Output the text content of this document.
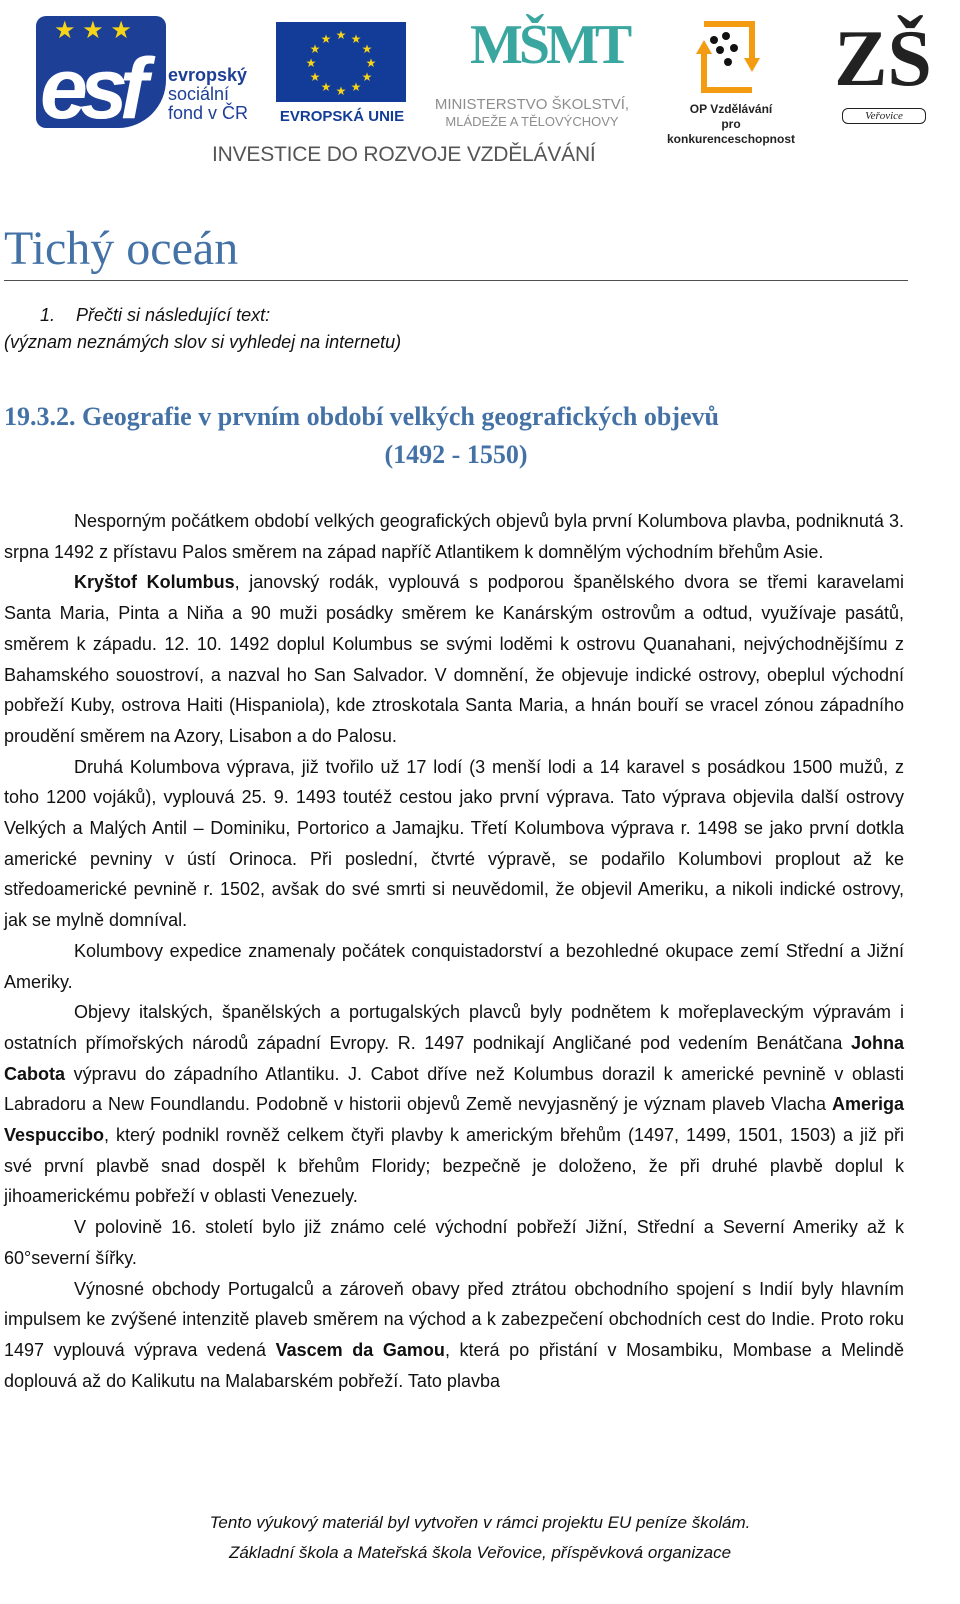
★ ★ ★
esf evropský
sociální
fond v ČR
★ ★
★
★
★
★
★
★
★
★
★
★
EVROPSKÁ UNIE
MŠMT
MINISTERSTVO ŠKOLSTVÍ,
MLÁDEŽE A TĚLOVÝCHOVY
OP Vzdělávání
pro konkurenceschopnost
ZŠ
Veřovice
INVESTICE DO ROZVOJE VZDĚLÁVÁNÍ
Tichý oceán
1. Přečti si následující text:
(význam neznámých slov si vyhledej na internetu)
19.3.2. Geografie v prvním období velkých geografických objevů
(1492 - 1550)

Nesporným počátkem období velkých geografických objevů byla první Kolumbova plavba, podniknutá 3. srpna 1492 z přístavu Palos směrem na západ napříč Atlantikem k domnělým východním břehům Asie.

Kryštof Kolumbus, janovský rodák, vyplouvá s podporou španělského dvora se třemi karavelami Santa Maria, Pinta a Niňa a 90 muži posádky směrem ke Kanárským ostrovům a odtud, využívaje pasátů, směrem k západu. 12. 10. 1492 doplul Kolumbus se svými loděmi k ostrovu Quanahani, nejvýchodnějšímu z Bahamského souostroví, a nazval ho San Salvador. V domnění, že objevuje indické ostrovy, obeplul východní pobřeží Kuby, ostrova Haiti (Hispaniola), kde ztroskotala Santa Maria, a hnán bouří se vracel zónou západního proudění směrem na Azory, Lisabon a do Palosu.

Druhá Kolumbova výprava, již tvořilo už 17 lodí (3 menší lodi a 14 karavel s posádkou 1500 mužů, z toho 1200 vojáků), vyplouvá 25. 9. 1493 toutéž cestou jako první výprava. Tato výprava objevila další ostrovy Velkých a Malých Antil – Dominiku, Portorico a Jamajku. Třetí Kolumbova výprava r. 1498 se jako první dotkla americké pevniny v ústí Orinoca. Při poslední, čtvrté výpravě, se podařilo Kolumbovi proplout až ke středoamerické pevnině r. 1502, avšak do své smrti si neuvědomil, že objevil Ameriku, a nikoli indické ostrovy, jak se mylně domníval.

Kolumbovy expedice znamenaly počátek conquistadorství a bezohledné okupace zemí Střední a Jižní Ameriky.

Objevy italských, španělských a portugalských plavců byly podnětem k mořeplaveckým výpravám i ostatních přímořských národů západní Evropy. R. 1497 podnikají Angličané pod vedením Benátčana Johna Cabota výpravu do západního Atlantiku. J. Cabot dříve než Kolumbus dorazil k americké pevnině v oblasti Labradoru a New Foundlandu. Podobně v historii objevů Země nevyjasněný je význam plaveb Vlacha Ameriga Vespuccibo, který podnikl rovněž celkem čtyři plavby k americkým břehům (1497, 1499, 1501, 1503) a již při své první plavbě snad dospěl k břehům Floridy; bezpečně je doloženo, že při druhé plavbě doplul k jihoamerickému pobřeží v oblasti Venezuely.

V polovině 16. století bylo již známo celé východní pobřeží Jižní, Střední a Severní Ameriky až k 60°severní šířky.

Výnosné obchody Portugalců a zároveň obavy před ztrátou obchodního spojení s Indií byly hlavním impulsem ke zvýšené intenzitě plaveb směrem na východ a k zabezpečení obchodních cest do Indie. Proto roku 1497 vyplouvá výprava vedená Vascem da Gamou, která po přistání v Mosambiku, Mombase a Melindě doplouvá až do Kalikutu na Malabarském pobřeží. Tato plavba

Tento výukový materiál byl vytvořen v rámci projektu EU peníze školám.
Základní škola a Mateřská škola Veřovice, příspěvková organizace
